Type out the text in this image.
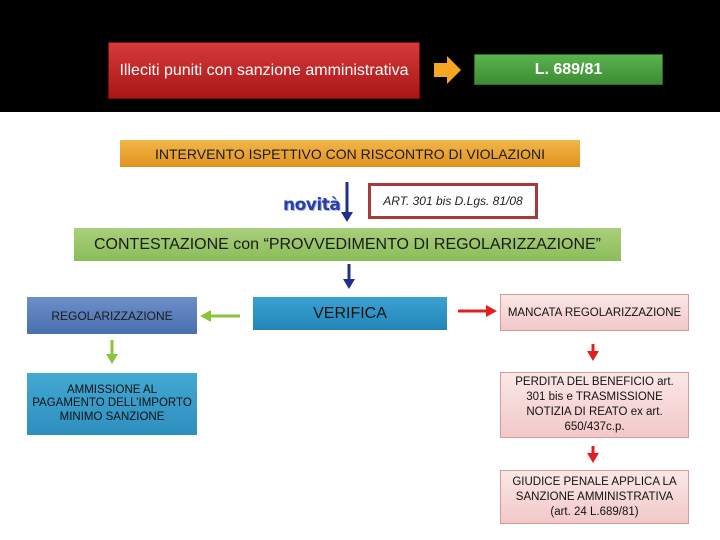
Illeciti puniti con sanzione amministrativa	L. 689/81
INTERVENTO ISPETTIVO CON RISCONTRO DI VIOLAZIONI
novità	ART. 301 bis D.Lgs. 81/08
CONTESTAZIONE con “PROVVEDIMENTO DI REGOLARIZZAZIONE”
REGOLARIZZAZIONE	VERIFICA	MANCATA REGOLARIZZAZIONE
AMMISSIONE AL PAGAMENTO DELL’IMPORTO MINIMO SANZIONE
PERDITA DEL BENEFICIO art. 301 bis e TRASMISSIONE NOTIZIA DI REATO ex art. 650/437c.p.
GIUDICE PENALE APPLICA LA SANZIONE AMMINISTRATIVA (art. 24 L.689/81)
